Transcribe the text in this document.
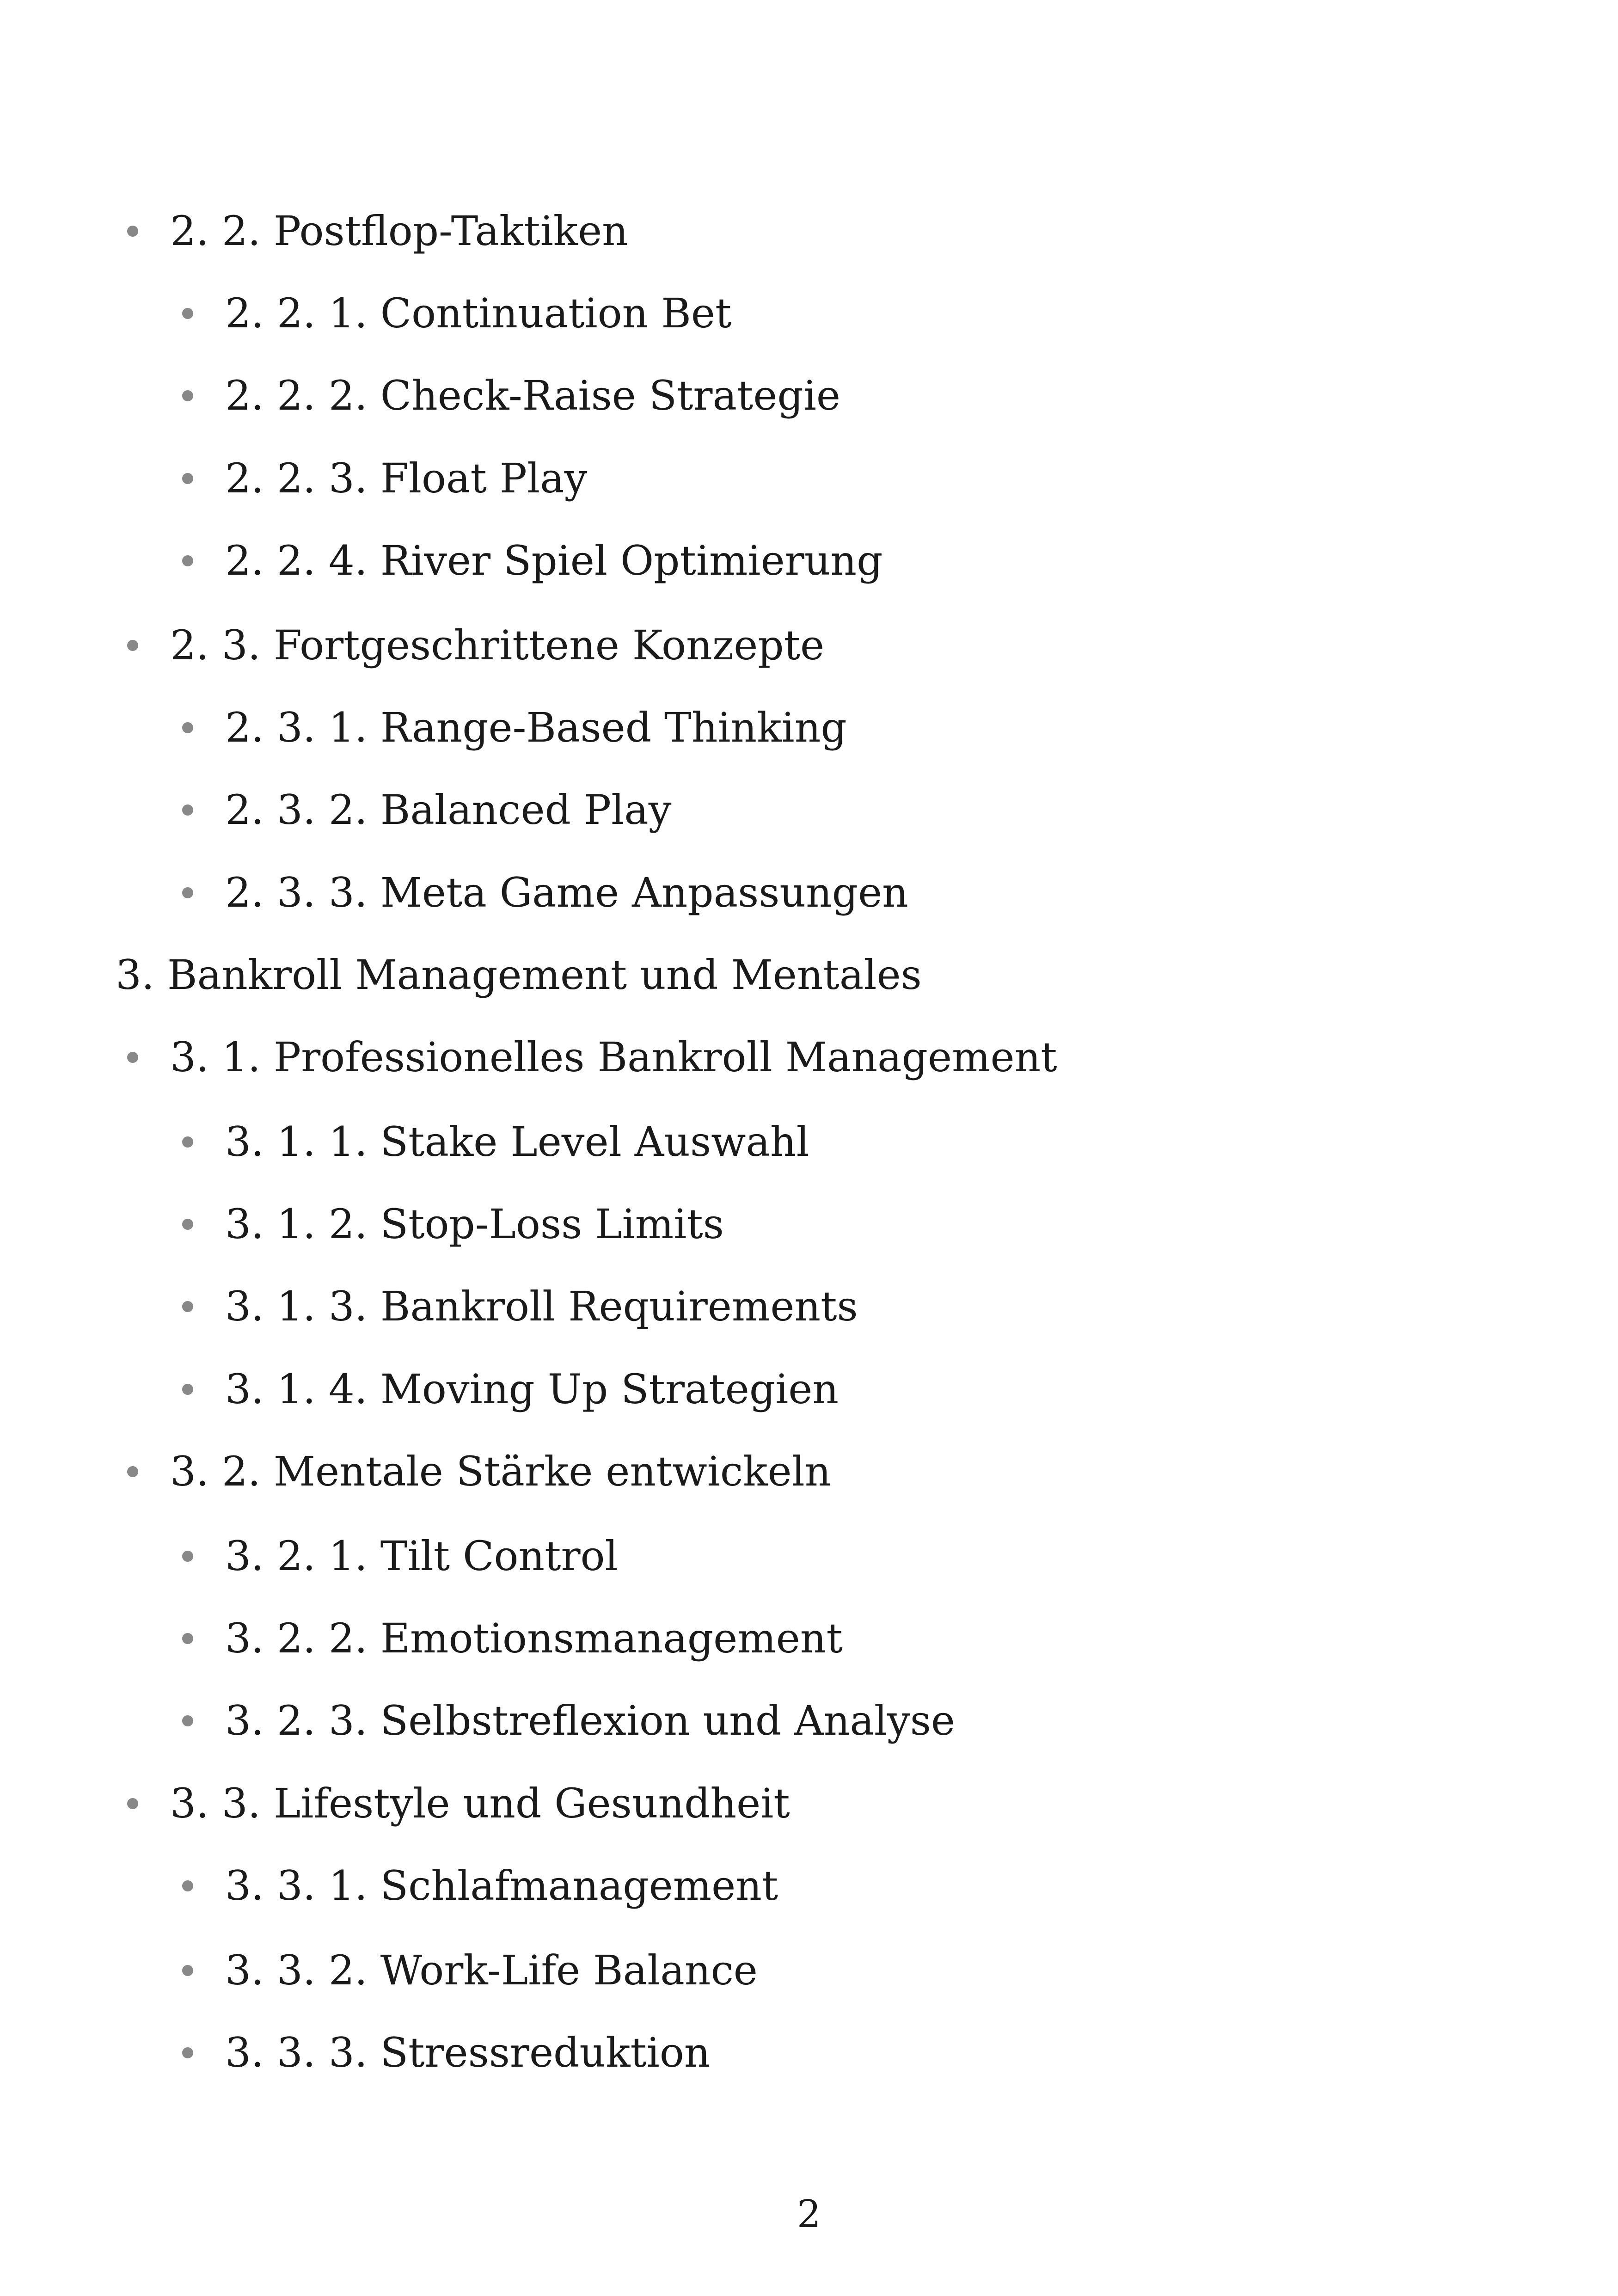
2. 2. Postflop-Taktiken
2. 2. 1. Continuation Bet
2. 2. 2. Check-Raise Strategie
2. 2. 3. Float Play
2. 2. 4. River Spiel Optimierung
2. 3. Fortgeschrittene Konzepte
2. 3. 1. Range-Based Thinking
2. 3. 2. Balanced Play
2. 3. 3. Meta Game Anpassungen
3. Bankroll Management und Mentales
3. 1. Professionelles Bankroll Management
3. 1. 1. Stake Level Auswahl
3. 1. 2. Stop-Loss Limits
3. 1. 3. Bankroll Requirements
3. 1. 4. Moving Up Strategien
3. 2. Mentale Stärke entwickeln
3. 2. 1. Tilt Control
3. 2. 2. Emotionsmanagement
3. 2. 3. Selbstreflexion und Analyse
3. 3. Lifestyle und Gesundheit
3. 3. 1. Schlafmanagement
3. 3. 2. Work-Life Balance
3. 3. 3. Stressreduktion
2
